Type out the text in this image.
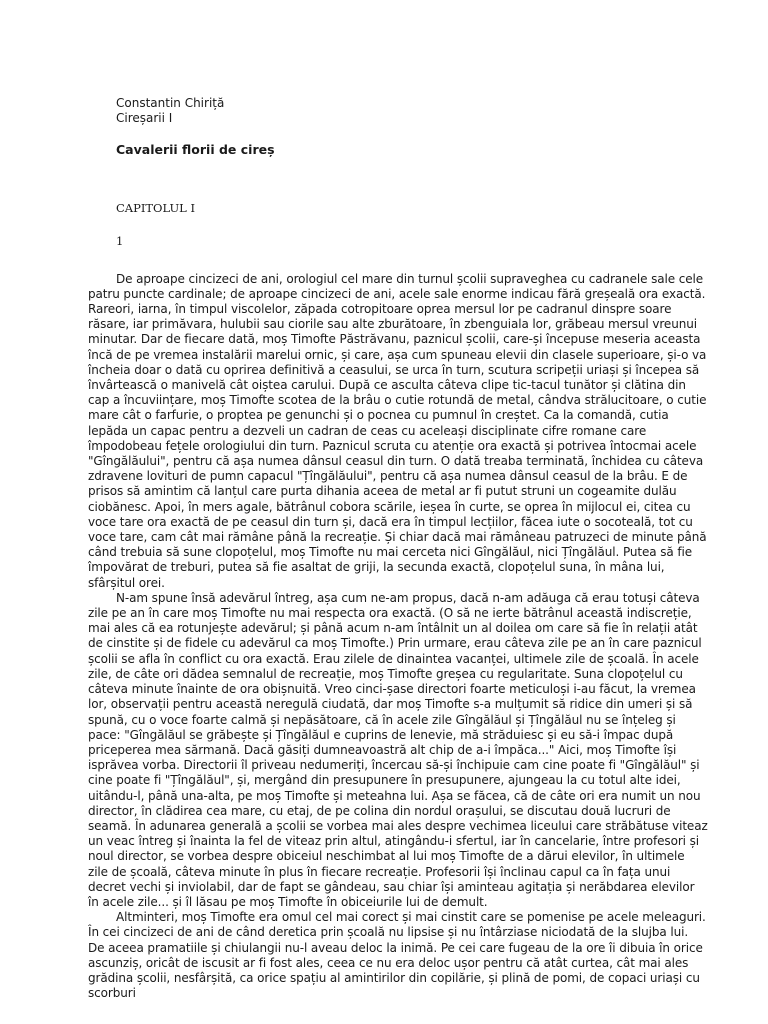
Constantin Chiriță
Cireșarii I
Cavalerii florii de cireș
CAPITOLUL I
1

De aproape cincizeci de ani, orologiul cel mare din turnul școlii supraveghea cu cadranele sale cele patru puncte cardinale; de aproape cincizeci de ani, acele sale enorme indicau fără greșeală ora exactă. Rareori, iarna, în timpul viscolelor, zăpada cotropitoare oprea mersul lor pe cadranul dinspre soare răsare, iar primăvara, hulubii sau ciorile sau alte zburătoare, în zbenguiala lor, grăbeau mersul vreunui minutar. Dar de fiecare dată, moș Timofte Păstrăvanu, paznicul școlii, care-și începuse meseria aceasta încă de pe vremea instalării marelui ornic, și care, așa cum spuneau elevii din clasele superioare, și-o va încheia doar o dată cu oprirea definitivă a ceasului, se urca în turn, scutura scripeții uriași și începea să învârtească o manivelă cât oiștea carului. După ce asculta câteva clipe tic-tacul tunător și clătina din cap a încuviințare, moș Timofte scotea de la brâu o cutie rotundă de metal, cândva strălucitoare, o cutie mare cât o farfurie, o proptea pe genunchi și o pocnea cu pumnul în creștet. Ca la comandă, cutia lepăda un capac pentru a dezveli un cadran de ceas cu aceleași disciplinate cifre romane care împodobeau fețele orologiului din turn. Paznicul scruta cu atenție ora exactă și potrivea întocmai acele "Gîngălăului", pentru că așa numea dânsul ceasul din turn. O dată treaba terminată, închidea cu câteva zdravene lovituri de pumn capacul "Țîngălăului", pentru că așa numea dânsul ceasul de la brâu. E de prisos să amintim că lanțul care purta dihania aceea de metal ar fi putut struni un cogeamite dulău ciobănesc. Apoi, în mers agale, bătrânul cobora scările, ieșea în curte, se oprea în mijlocul ei, citea cu voce tare ora exactă de pe ceasul din turn și, dacă era în timpul lecțiilor, făcea iute o socoteală, tot cu voce tare, cam cât mai rămâne până la recreație. Și chiar dacă mai rămâneau patruzeci de minute până când trebuia să sune clopoțelul, moș Timofte nu mai cerceta nici Gîngălăul, nici Țîngălăul. Putea să fie împovărat de treburi, putea să fie asaltat de griji, la secunda exactă, clopoțelul suna, în mâna lui, sfârșitul orei.

N-am spune însă adevărul întreg, așa cum ne-am propus, dacă n-am adăuga că erau totuși câteva zile pe an în care moș Timofte nu mai respecta ora exactă. (O să ne ierte bătrânul această indiscreție, mai ales că ea rotunjește adevărul; și până acum n-am întâlnit un al doilea om care să fie în relații atât de cinstite și de fidele cu adevărul ca moș Timofte.) Prin urmare, erau câteva zile pe an în care paznicul școlii se afla în conflict cu ora exactă. Erau zilele de dinaintea vacanței, ultimele zile de școală. În acele zile, de câte ori dădea semnalul de recreație, moș Timofte greșea cu regularitate. Suna clopoțelul cu câteva minute înainte de ora obișnuită. Vreo cinci-șase directori foarte meticuloși i-au făcut, la vremea lor, observații pentru această neregulă ciudată, dar moș Timofte s-a mulțumit să ridice din umeri și să spună, cu o voce foarte calmă și nepăsătoare, că în acele zile Gîngălăul și Țîngălăul nu se înțeleg și pace: "Gîngălăul se grăbește și Țîngălăul e cuprins de lenevie, mă străduiesc și eu să-i împac după priceperea mea sărmană. Dacă găsiți dumneavoastră alt chip de a-i împăca..." Aici, moș Timofte își isprăvea vorba. Directorii îl priveau nedumeriți, încercau să-și închipuie cam cine poate fi "Gîngălăul" și cine poate fi "Țîngălăul", și, mergând din presupunere în presupunere, ajungeau la cu totul alte idei, uitându-l, până una-alta, pe moș Timofte și meteahna lui. Așa se făcea, că de câte ori era numit un nou director, în clădirea cea mare, cu etaj, de pe colina din nordul orașului, se discutau două lucruri de seamă. În adunarea generală a școlii se vorbea mai ales despre vechimea liceului care străbătuse viteaz un veac întreg și înainta la fel de viteaz prin altul, atingându-i sfertul, iar în cancelarie, între profesori și noul director, se vorbea despre obiceiul neschimbat al lui moș Timofte de a dărui elevilor, în ultimele zile de școală, câteva minute în plus în fiecare recreație. Profesorii își înclinau capul ca în fața unui decret vechi și inviolabil, dar de fapt se gândeau, sau chiar își aminteau agitația și nerăbdarea elevilor în acele zile... și îl lăsau pe moș Timofte în obiceiurile lui de demult.

Altminteri, moș Timofte era omul cel mai corect și mai cinstit care se pomenise pe acele meleaguri. În cei cincizeci de ani de când deretica prin școală nu lipsise și nu întârziase niciodată de la slujba lui. De aceea pramatiile și chiulangii nu-l aveau deloc la inimă. Pe cei care fugeau de la ore îi dibuia în orice ascunziș, oricât de iscusit ar fi fost ales, ceea ce nu era deloc ușor pentru că atât curtea, cât mai ales grădina școlii, nesfârșită, ca orice spațiu al amintirilor din copilărie, și plină de pomi, de copaci uriași cu scorburi
